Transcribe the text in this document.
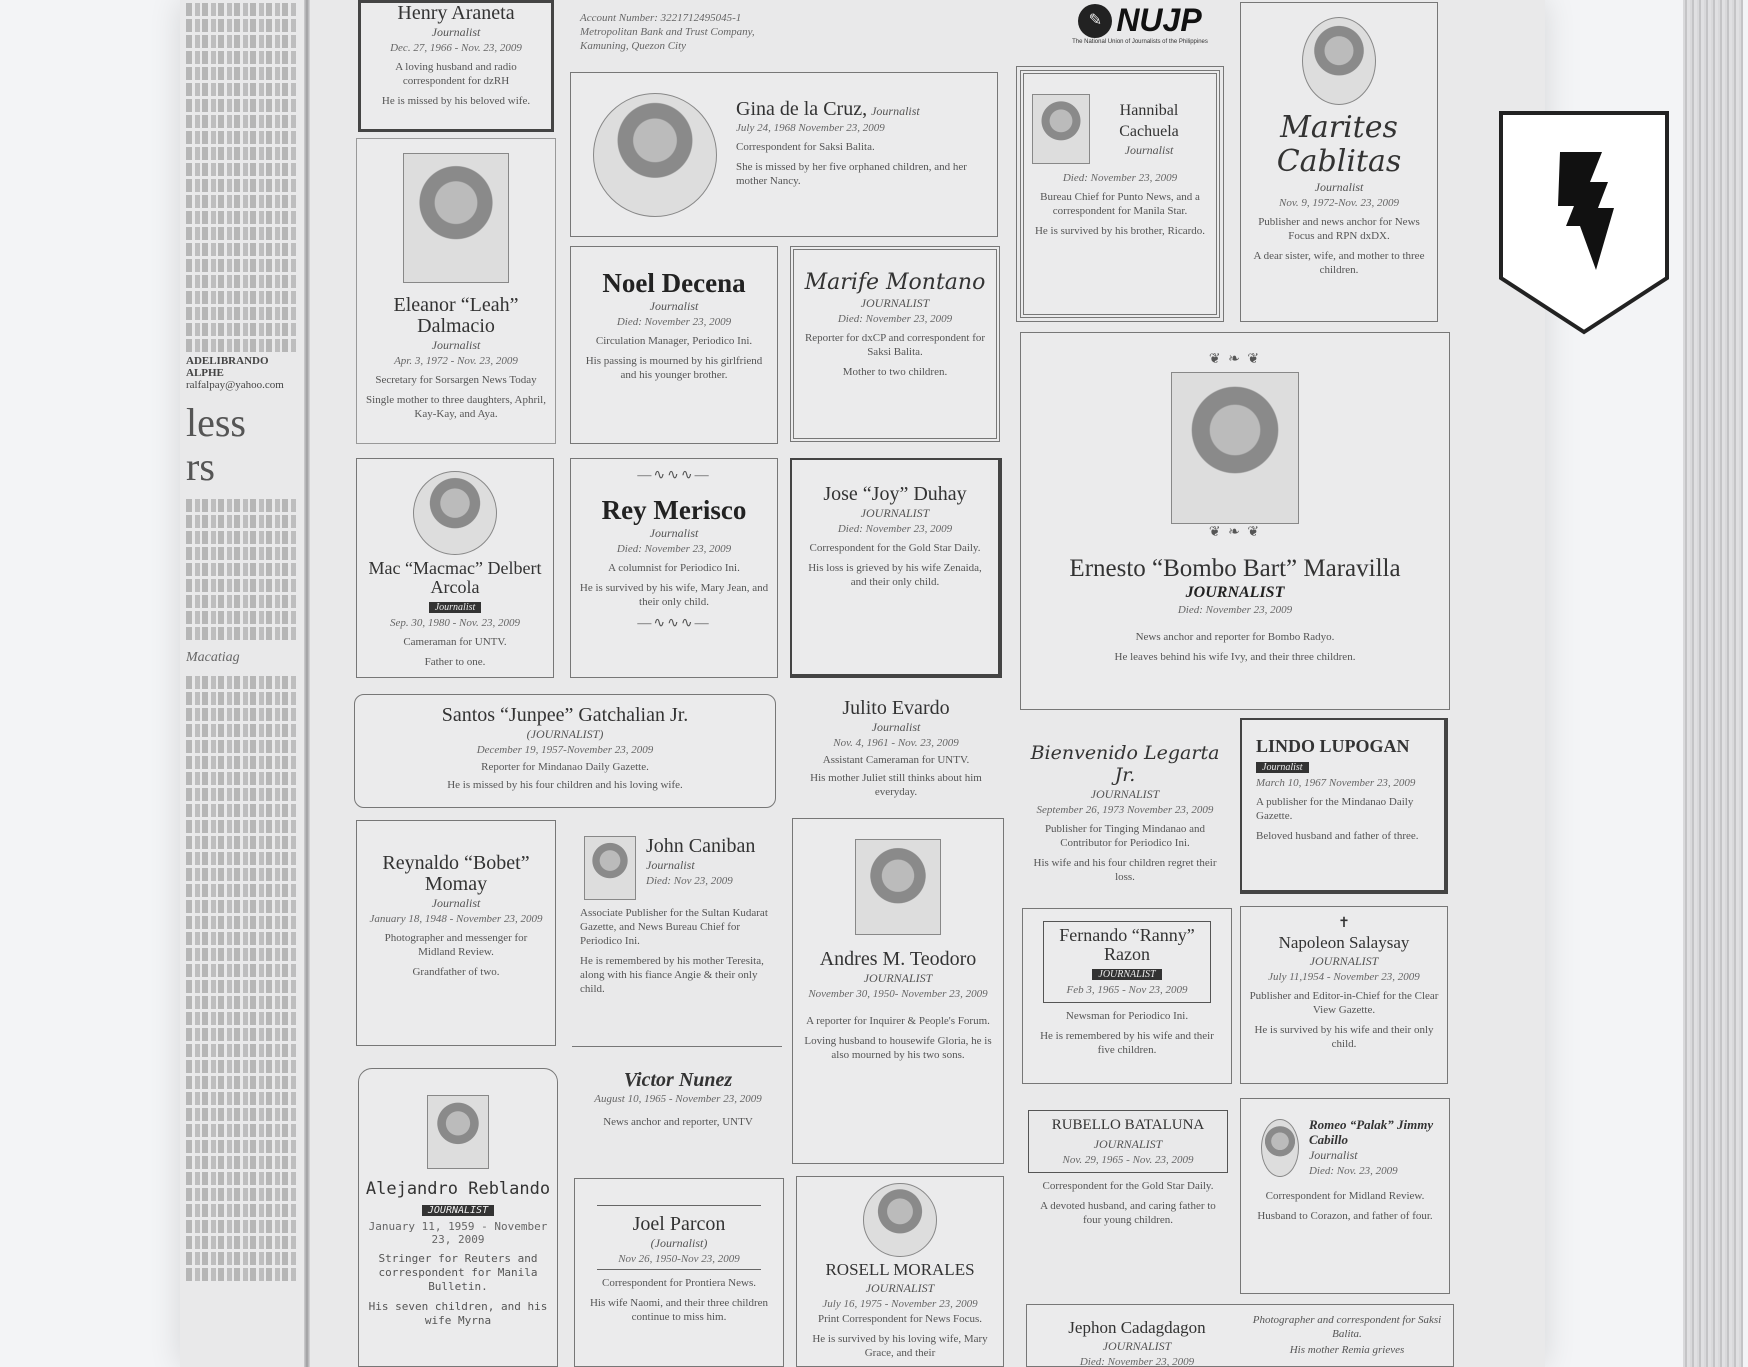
ADELIBRANDO ALPHE
ralfalpay@yahoo.com
less
rs
Macatiag
Account Number: 3221712495045-1
Metropolitan Bank and Trust Company,
Kamuning, Quezon City
✎ NUJP
The National Union of Journalists of the Philippines
Henry Araneta
Journalist
Dec. 27, 1966 - Nov. 23, 2009
A loving husband and radio correspondent for dzRH
He is missed by his beloved wife.	Gina de la Cruz, Journalist
July 24, 1968 November 23, 2009
Correspondent for Saksi Balita.
She is missed by her five orphaned children, and her mother Nancy.
Hannibal Cachuela
Journalist
Died: November 23, 2009
Bureau Chief for Punto News, and a correspondent for Manila Star.
He is survived by his brother, Ricardo.
Marites
Cablitas
Journalist
Nov. 9, 1972-Nov. 23, 2009
Publisher and news anchor for News Focus and RPN dxDX.
A dear sister, wife, and mother to three children.
Eleanor “Leah” Dalmacio
Journalist
Apr. 3, 1972 - Nov. 23, 2009
Secretary for Sorsargen News Today
Single mother to three daughters, Aphril, Kay-Kay, and Aya.
Noel Decena
Journalist
Died: November 23, 2009
Circulation Manager, Periodico Ini.
His passing is mourned by his girlfriend and his younger brother.
Marife Montano
JOURNALIST
Died: November 23, 2009
Reporter for dxCP and correspondent for Saksi Balita.
Mother to two children.
❦ ❧ ❦
❦ ❧ ❦
Ernesto “Bombo Bart” Maravilla
JOURNALIST
Died: November 23, 2009
News anchor and reporter for Bombo Radyo.
He leaves behind his wife Ivy, and their three children.
Mac “Macmac” Delbert Arcola
Journalist
Sep. 30, 1980 - Nov. 23, 2009
Cameraman for UNTV.
Father to one.
—∿∿∿—
Rey Merisco
Journalist
Died: November 23, 2009
A columnist for Periodico Ini.
He is survived by his wife, Mary Jean, and their only child.
—∿∿∿—
Jose “Joy” Duhay
JOURNALIST
Died: November 23, 2009
Correspondent for the Gold Star Daily.
His loss is grieved by his wife Zenaida, and their only child.
Santos “Junpee” Gatchalian Jr.
(JOURNALIST)
December 19, 1957-November 23, 2009
Reporter for Mindanao Daily Gazette.
He is missed by his four children and his loving wife.
Julito Evardo
Journalist
Nov. 4, 1961 - Nov. 23, 2009
Assistant Cameraman for UNTV.
His mother Juliet still thinks about him everyday.
Bienvenido Legarta Jr.
JOURNALIST
September 26, 1973 November 23, 2009
Publisher for Tinging Mindanao and Contributor for Periodico Ini.
His wife and his four children regret their loss.
LINDO LUPOGAN
Journalist
March 10, 1967 November 23, 2009
A publisher for the Mindanao Daily Gazette.
Beloved husband and father of three.
Reynaldo “Bobet” Momay
Journalist
January 18, 1948 - November 23, 2009
Photographer and messenger for Midland Review.
Grandfather of two.
John Caniban
Journalist
Died: Nov 23, 2009
Associate Publisher for the Sultan Kudarat Gazette, and News Bureau Chief for Periodico Ini.
He is remembered by his mother Teresita, along with his fiance Angie & their only child.
Andres M. Teodoro
JOURNALIST
November 30, 1950- November 23, 2009
A reporter for Inquirer & People's Forum.
Loving husband to housewife Gloria, he is also mourned by his two sons.
Fernando “Ranny” Razon
JOURNALIST
Feb 3, 1965 - Nov 23, 2009
Newsman for Periodico Ini.
He is remembered by his wife and their five children.
✝
Napoleon Salaysay
JOURNALIST
July 11,1954 - November 23, 2009
Publisher and Editor-in-Chief for the Clear View Gazette.
He is survived by his wife and their only child.
Alejandro Reblando
JOURNALIST
January 11, 1959 - November 23, 2009
Stringer for Reuters and correspondent for Manila Bulletin.
His seven children, and his wife Myrna
Victor Nunez
August 10, 1965 - November 23, 2009
News anchor and reporter, UNTV	RUBELLO BATALUNA
JOURNALIST
Nov. 29, 1965 - Nov. 23, 2009
Correspondent for the Gold Star Daily.
A devoted husband, and caring father to four young children.
Romeo “Palak” Jimmy Cabillo
Journalist
Died: Nov. 23, 2009
Correspondent for Midland Review.
Husband to Corazon, and father of four.
Joel Parcon
(Journalist)
Nov 26, 1950-Nov 23, 2009
Correspondent for Prontiera News.
His wife Naomi, and their three children continue to miss him.
ROSELL MORALES
JOURNALIST
July 16, 1975 - November 23, 2009
Print Correspondent for News Focus.
He is survived by his loving wife, Mary Grace, and their
Jephon Cadagdagon
JOURNALIST
Died: November 23, 2009
Photographer and correspondent for Saksi Balita.
His mother Remia grieves
